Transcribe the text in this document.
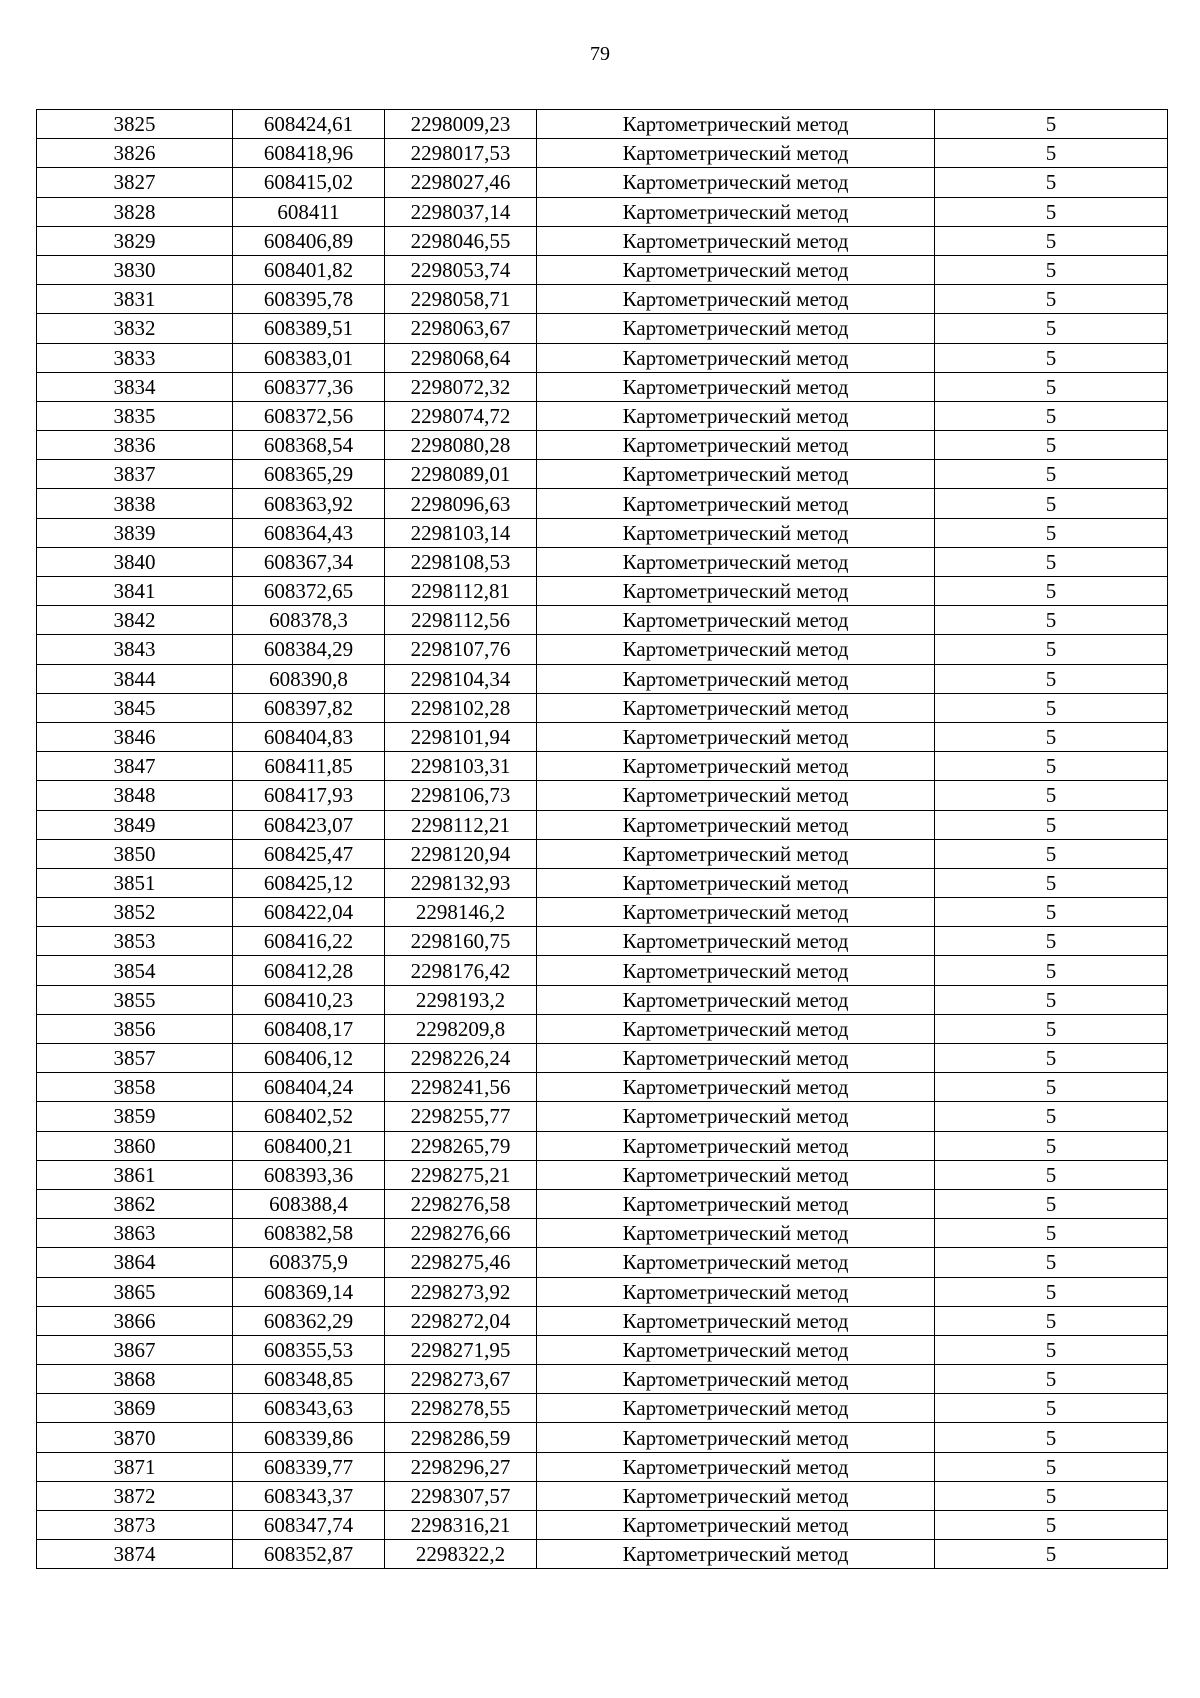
79
3825	608424,61	2298009,23	Картометрический метод	5
3826	608418,96	2298017,53	Картометрический метод	5
3827	608415,02	2298027,46	Картометрический метод	5
3828	608411	2298037,14	Картометрический метод	5
3829	608406,89	2298046,55	Картометрический метод	5
3830	608401,82	2298053,74	Картометрический метод	5
3831	608395,78	2298058,71	Картометрический метод	5
3832	608389,51	2298063,67	Картометрический метод	5
3833	608383,01	2298068,64	Картометрический метод	5
3834	608377,36	2298072,32	Картометрический метод	5
3835	608372,56	2298074,72	Картометрический метод	5
3836	608368,54	2298080,28	Картометрический метод	5
3837	608365,29	2298089,01	Картометрический метод	5
3838	608363,92	2298096,63	Картометрический метод	5
3839	608364,43	2298103,14	Картометрический метод	5
3840	608367,34	2298108,53	Картометрический метод	5
3841	608372,65	2298112,81	Картометрический метод	5
3842	608378,3	2298112,56	Картометрический метод	5
3843	608384,29	2298107,76	Картометрический метод	5
3844	608390,8	2298104,34	Картометрический метод	5
3845	608397,82	2298102,28	Картометрический метод	5
3846	608404,83	2298101,94	Картометрический метод	5
3847	608411,85	2298103,31	Картометрический метод	5
3848	608417,93	2298106,73	Картометрический метод	5
3849	608423,07	2298112,21	Картометрический метод	5
3850	608425,47	2298120,94	Картометрический метод	5
3851	608425,12	2298132,93	Картометрический метод	5
3852	608422,04	2298146,2	Картометрический метод	5
3853	608416,22	2298160,75	Картометрический метод	5
3854	608412,28	2298176,42	Картометрический метод	5
3855	608410,23	2298193,2	Картометрический метод	5
3856	608408,17	2298209,8	Картометрический метод	5
3857	608406,12	2298226,24	Картометрический метод	5
3858	608404,24	2298241,56	Картометрический метод	5
3859	608402,52	2298255,77	Картометрический метод	5
3860	608400,21	2298265,79	Картометрический метод	5
3861	608393,36	2298275,21	Картометрический метод	5
3862	608388,4	2298276,58	Картометрический метод	5
3863	608382,58	2298276,66	Картометрический метод	5
3864	608375,9	2298275,46	Картометрический метод	5
3865	608369,14	2298273,92	Картометрический метод	5
3866	608362,29	2298272,04	Картометрический метод	5
3867	608355,53	2298271,95	Картометрический метод	5
3868	608348,85	2298273,67	Картометрический метод	5
3869	608343,63	2298278,55	Картометрический метод	5
3870	608339,86	2298286,59	Картометрический метод	5
3871	608339,77	2298296,27	Картометрический метод	5
3872	608343,37	2298307,57	Картометрический метод	5
3873	608347,74	2298316,21	Картометрический метод	5
3874	608352,87	2298322,2	Картометрический метод	5
